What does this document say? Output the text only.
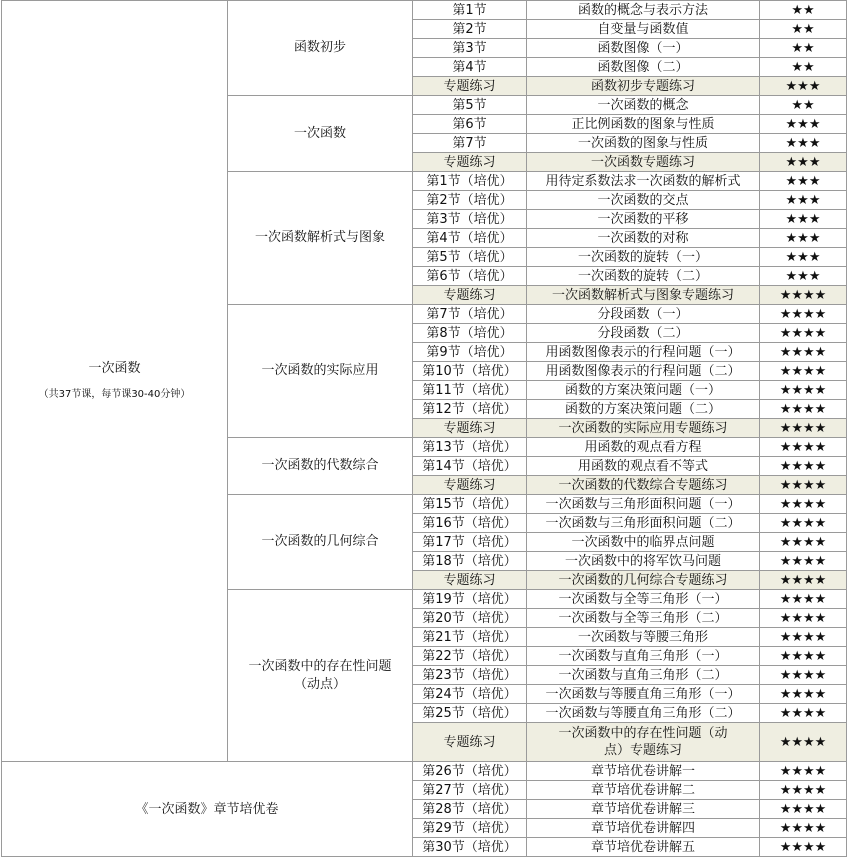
一次函数
（共37节课，每节课30-40分钟）	函数初步	第1节	函数的概念与表示方法	★★
		第2节	自变量与函数值	★★
		第3节	函数图像（一）	★★
		第4节	函数图像（二）	★★
		专题练习	函数初步专题练习	★★★
	一次函数	第5节	一次函数的概念	★★
		第6节	正比例函数的图象与性质	★★★
		第7节	一次函数的图象与性质	★★★
		专题练习	一次函数专题练习	★★★
	一次函数解析式与图象	第1节（培优）	用待定系数法求一次函数的解析式	★★★
		第2节（培优）	一次函数的交点	★★★
		第3节（培优）	一次函数的平移	★★★
		第4节（培优）	一次函数的对称	★★★
		第5节（培优）	一次函数的旋转（一）	★★★
		第6节（培优）	一次函数的旋转（二）	★★★
		专题练习	一次函数解析式与图象专题练习	★★★★
	一次函数的实际应用	第7节（培优）	分段函数（一）	★★★★
		第8节（培优）	分段函数（二）	★★★★
		第9节（培优）	用函数图像表示的行程问题（一）	★★★★
		第10节（培优）	用函数图像表示的行程问题（二）	★★★★
		第11节（培优）	函数的方案决策问题（一）	★★★★
		第12节（培优）	函数的方案决策问题（二）	★★★★
		专题练习	一次函数的实际应用专题练习	★★★★
	一次函数的代数综合	第13节（培优）	用函数的观点看方程	★★★★
		第14节（培优）	用函数的观点看不等式	★★★★
		专题练习	一次函数的代数综合专题练习	★★★★
	一次函数的几何综合	第15节（培优）	一次函数与三角形面积问题（一）	★★★★
		第16节（培优）	一次函数与三角形面积问题（二）	★★★★
		第17节（培优）	一次函数中的临界点问题	★★★★
		第18节（培优）	一次函数中的将军饮马问题	★★★★
		专题练习	一次函数的几何综合专题练习	★★★★
	一次函数中的存在性问题（动点）	第19节（培优）	一次函数与全等三角形（一）	★★★★
		第20节（培优）	一次函数与全等三角形（二）	★★★★
		第21节（培优）	一次函数与等腰三角形	★★★★
		第22节（培优）	一次函数与直角三角形（一）	★★★★
		第23节（培优）	一次函数与直角三角形（二）	★★★★
		第24节（培优）	一次函数与等腰直角三角形（一）	★★★★
		第25节（培优）	一次函数与等腰直角三角形（二）	★★★★
		专题练习	一次函数中的存在性问题（动点）专题练习	★★★★
《一次函数》章节培优卷		第26节（培优）	章节培优卷讲解一	★★★★
		第27节（培优）	章节培优卷讲解二	★★★★
		第28节（培优）	章节培优卷讲解三	★★★★
		第29节（培优）	章节培优卷讲解四	★★★★
		第30节（培优）	章节培优卷讲解五	★★★★
